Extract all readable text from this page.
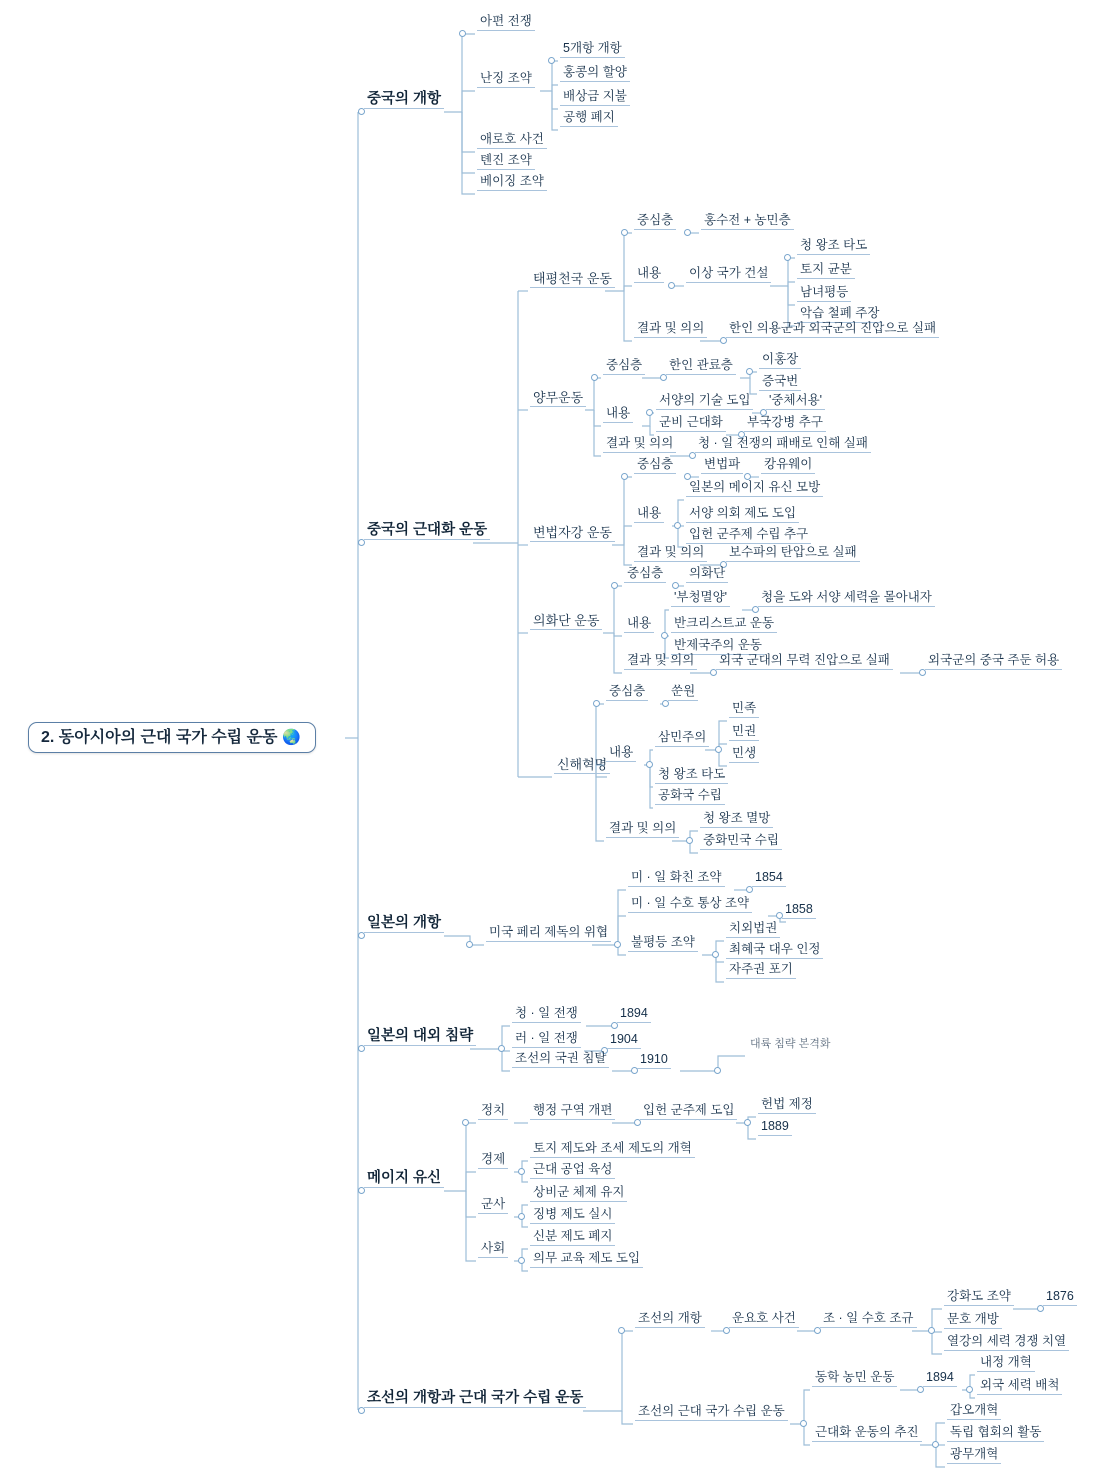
2. 동아시아의 근대 국가 수립 운동 🌏
중국의 개항
아편 전쟁
난징 조약
5개항 개항
홍콩의 할양
배상금 지불
공행 폐지
애로호 사건
톈진 조약
베이징 조약
중국의 근대화 운동
태평천국 운동
중심층 홍수전 + 농민층
내용 이상 국가 건설
청 왕조 타도
토지 균분
남녀평등
악습 철폐 주장
결과 및 의의 한인 의용군과 외국군의 진압으로 실패
양무운동
중심층 한인 관료층 이홍장
증국번
내용
서양의 기술 도입 '중체서용'
군비 근대화 부국강병 추구
결과 및 의의 청 · 일 전쟁의 패배로 인해 실패
변법자강 운동
중심층 변법파 캉유웨이
내용
일본의 메이지 유신 모방
서양 의회 제도 도입
입헌 군주제 수립 추구
결과 및 의의 보수파의 탄압으로 실패
의화단 운동
중심층 의화단
내용
'부청멸양'	청을 도와 서양 세력을 몰아내자
반크리스트교 운동
반제국주의 운동
결과 및 의의 외국 군대의 무력 진압으로 실패	외국군의 중국 주둔 허용
신해혁명
중심층 쑨원
내용
삼민주의
민족
민권
민생
청 왕조 타도
공화국 수립
결과 및 의의
청 왕조 멸망
중화민국 수립
일본의 개항
미국 페리 제독의 위협
미 · 일 화친 조약	1854
미 · 일 수호 통상 조약	1858
불평등 조약
치외법권
최혜국 대우 인정
자주권 포기
일본의 대외 침략
청 · 일 전쟁	1894
러 · 일 전쟁	1904
조선의 국권 침탈	1910
대륙 침략 본격화
메이지 유신
정치 행정 구역 개편 입헌 군주제 도입 헌법 제정
1889
경제
토지 제도와 조세 제도의 개혁
근대 공업 육성
군사
상비군 체제 유지
징병 제도 실시
사회
신분 제도 폐지
의무 교육 제도 도입
조선의 개항과 근대 국가 수립 운동
조선의 개항 운요호 사건 조 · 일 수호 조규
강화도 조약	1876
문호 개방
열강의 세력 경쟁 치열
조선의 근대 국가 수립 운동
동학 농민 운동	1894
내정 개혁
외국 세력 배척
근대화 운동의 추진
갑오개혁
독립 협회의 활동
광무개혁
